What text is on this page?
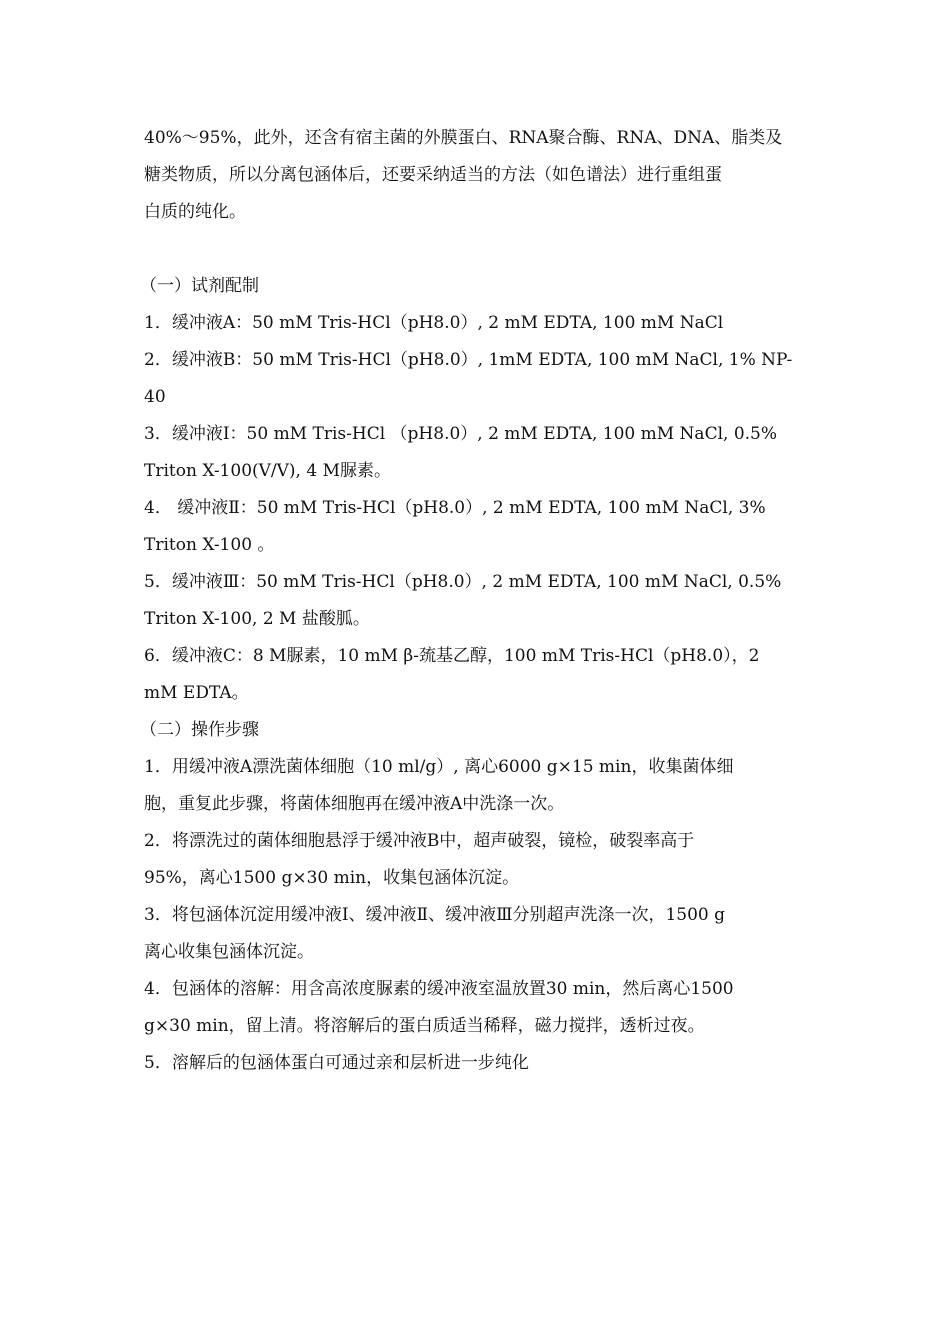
40%～95%，此外，还含有宿主菌的外膜蛋白、RNA聚合酶、RNA、DNA、脂类及

糖类物质，所以分离包涵体后，还要采纳适当的方法（如色谱法）进行重组蛋

白质的纯化。

（一）试剂配制

1．缓冲液A：50 mM Tris-HCl（pH8.0）, 2 mM EDTA, 100 mM NaCl

2．缓冲液B：50 mM Tris-HCl（pH8.0）, 1mM EDTA, 100 mM NaCl, 1% NP-

40

3．缓冲液Ⅰ：50 mM Tris-HCl （pH8.0）, 2 mM EDTA, 100 mM NaCl, 0.5%

Triton X-100(V/V), 4 M脲素。

4． 缓冲液Ⅱ：50 mM Tris-HCl（pH8.0）, 2 mM EDTA, 100 mM NaCl, 3%

Triton X-100 。

5．缓冲液Ⅲ：50 mM Tris-HCl（pH8.0）, 2 mM EDTA, 100 mM NaCl, 0.5%

Triton X-100, 2 M 盐酸胍。

6．缓冲液C：8 M脲素，10 mM β-巯基乙醇，100 mM Tris-HCl（pH8.0），2

mM EDTA。

（二）操作步骤

1．用缓冲液A漂洗菌体细胞（10 ml/g）, 离心6000 g×15 min，收集菌体细

胞，重复此步骤，将菌体细胞再在缓冲液A中洗涤一次。

2．将漂洗过的菌体细胞悬浮于缓冲液B中，超声破裂，镜检，破裂率高于

95%，离心1500 g×30 min，收集包涵体沉淀。

3．将包涵体沉淀用缓冲液Ⅰ、缓冲液Ⅱ、缓冲液Ⅲ分别超声洗涤一次，1500 g

离心收集包涵体沉淀。

4．包涵体的溶解：用含高浓度脲素的缓冲液室温放置30 min，然后离心1500

g×30 min，留上清。将溶解后的蛋白质适当稀释，磁力搅拌，透析过夜。

5．溶解后的包涵体蛋白可通过亲和层析进一步纯化
